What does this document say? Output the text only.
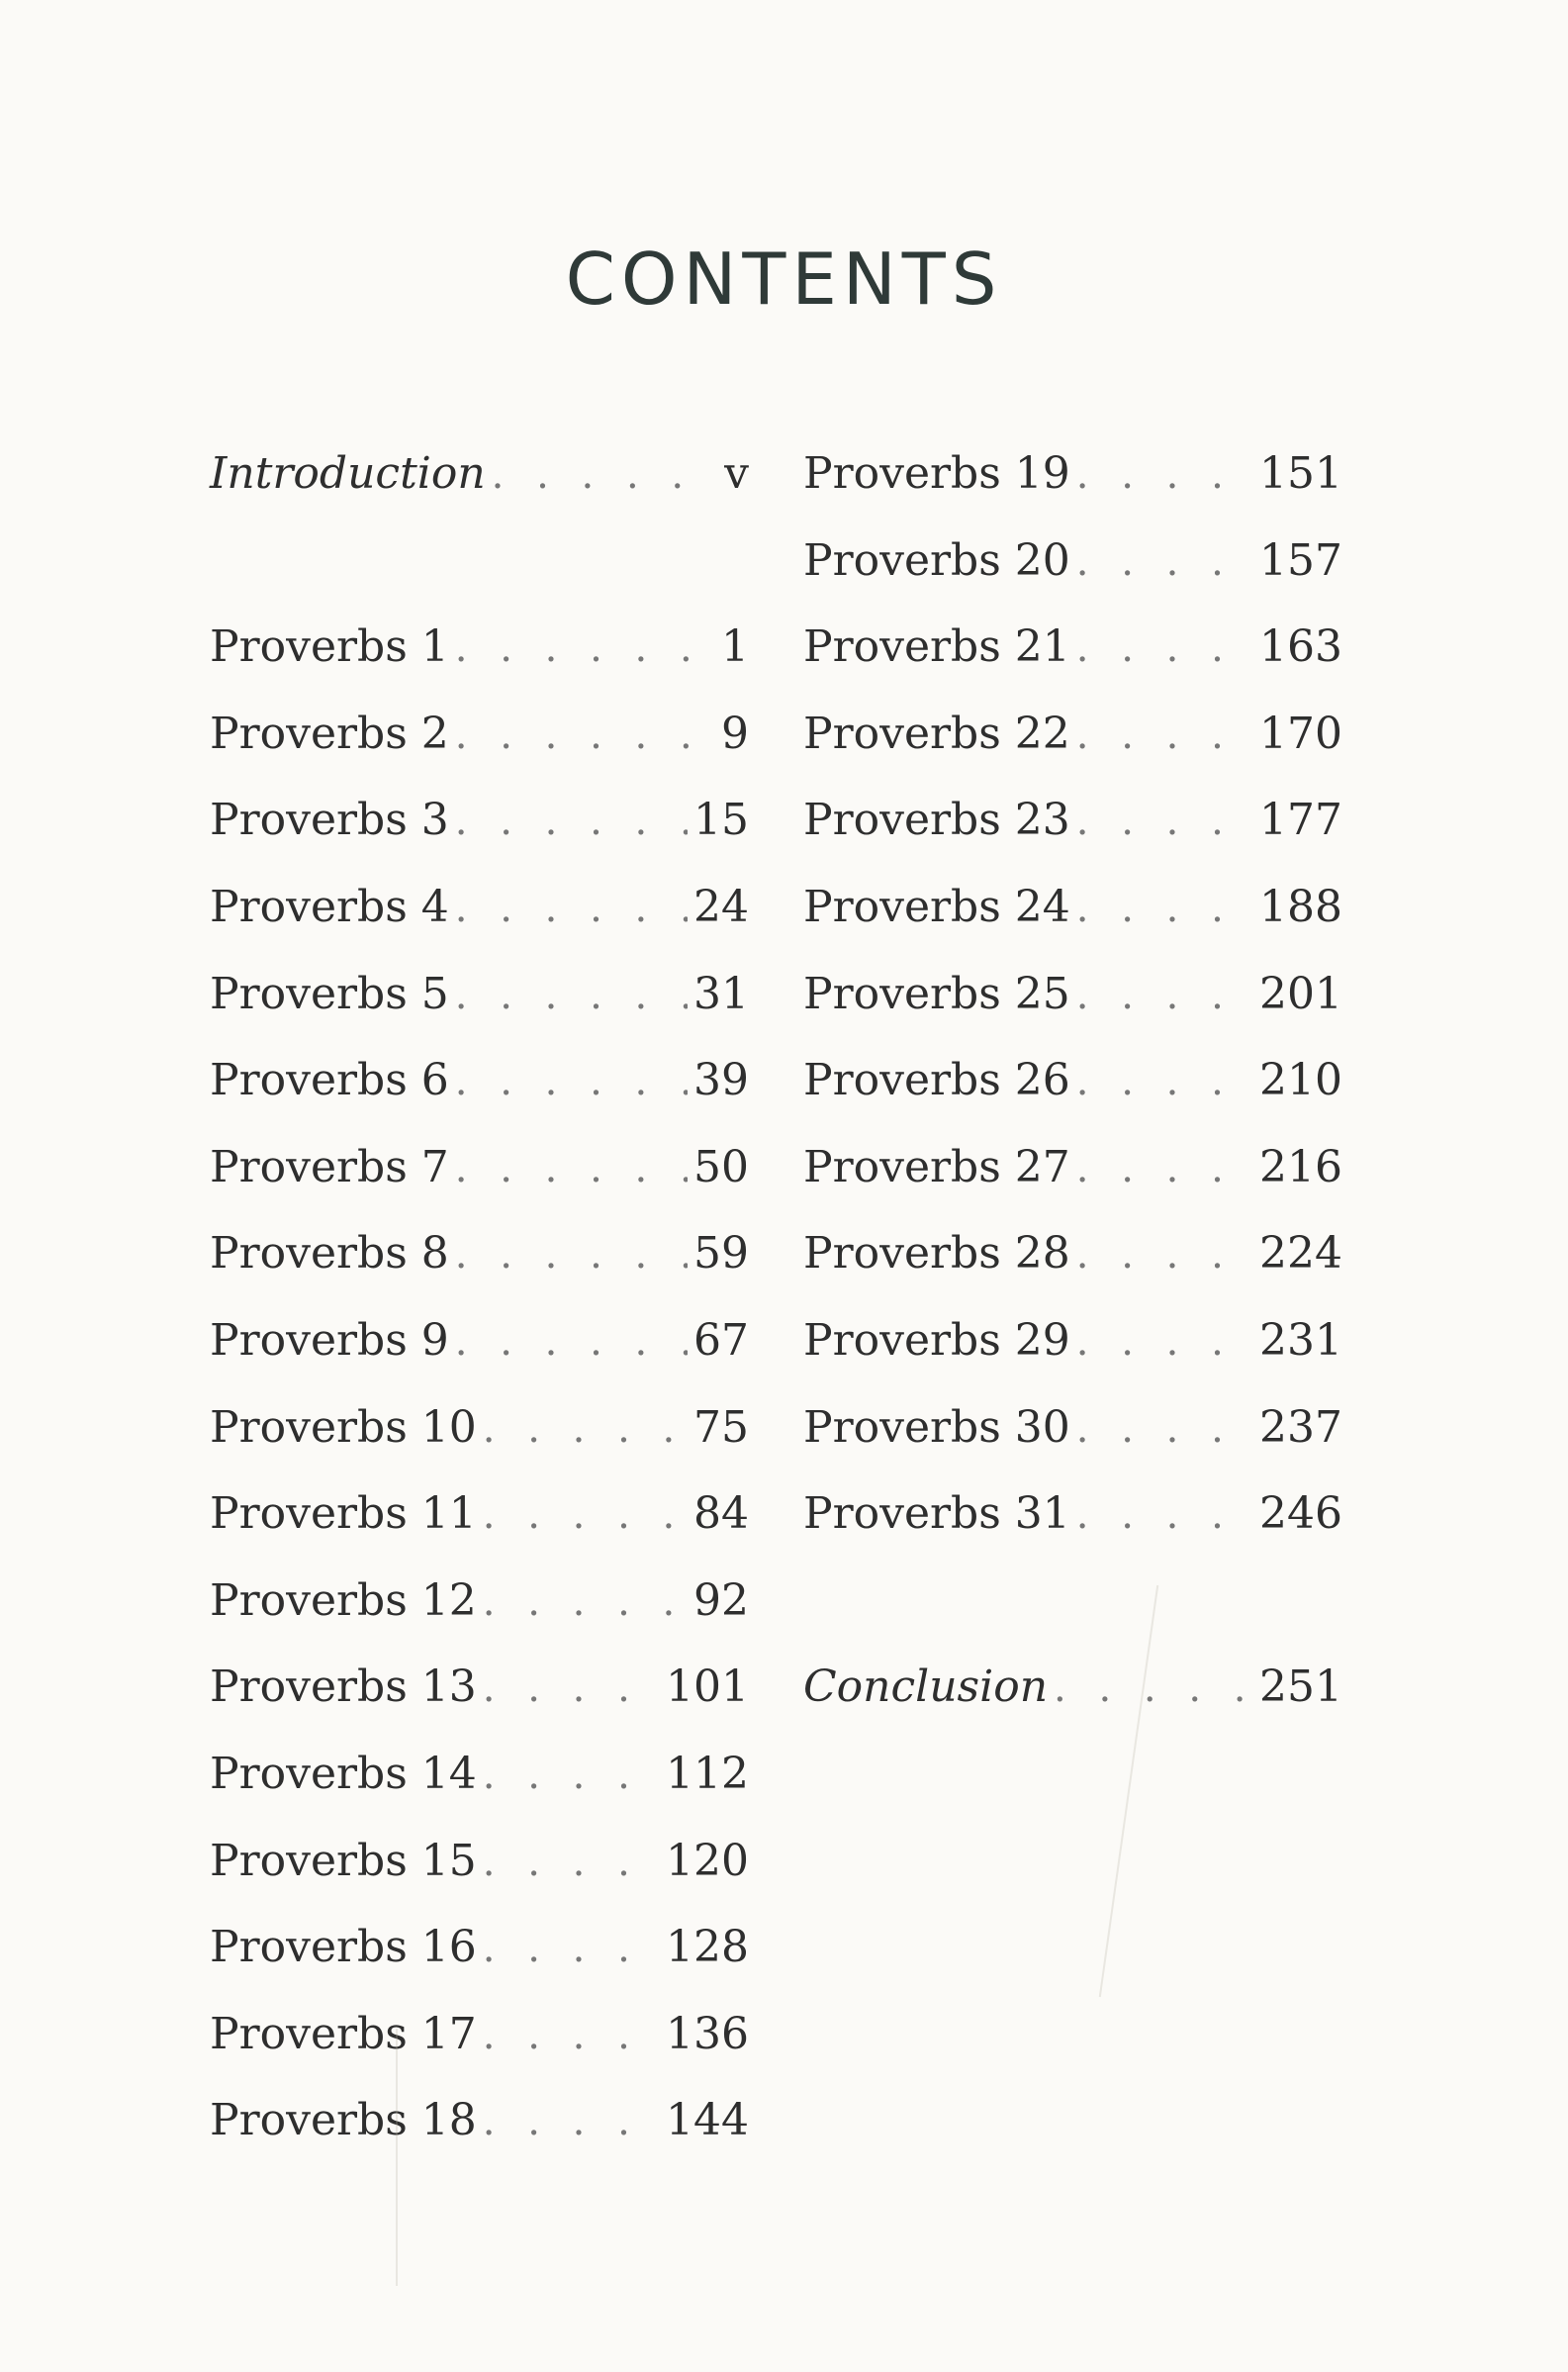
CONTENTS
Introduction . . .	v
Proverbs 1 . . .	1
Proverbs 2 . . .	9
Proverbs 3 . . .	15
Proverbs 4 . . .	24
Proverbs 5 . . .	31
Proverbs 6 . . .	39
Proverbs 7 . . .	50
Proverbs 8 . . .	59
Proverbs 9 . . .	67
Proverbs 10 . . .	75
Proverbs 11 . . .	84
Proverbs 12 . . .	92
Proverbs 13 . . .	101
Proverbs 14 . . .	112
Proverbs 15 . . .	120
Proverbs 16 . . .	128
Proverbs 17 . . .	136
Proverbs 18 . . .	144
Proverbs 19 . . .	151
Proverbs 20 . . .	157
Proverbs 21 . . .	163
Proverbs 22 . . .	170
Proverbs 23 . . .	177
Proverbs 24 . . .	188
Proverbs 25 . . .	201
Proverbs 26 . . .	210
Proverbs 27 . . .	216
Proverbs 28 . . .	224
Proverbs 29 . . .	231
Proverbs 30 . . .	237
Proverbs 31 . . .	246
Conclusion . . .	251
